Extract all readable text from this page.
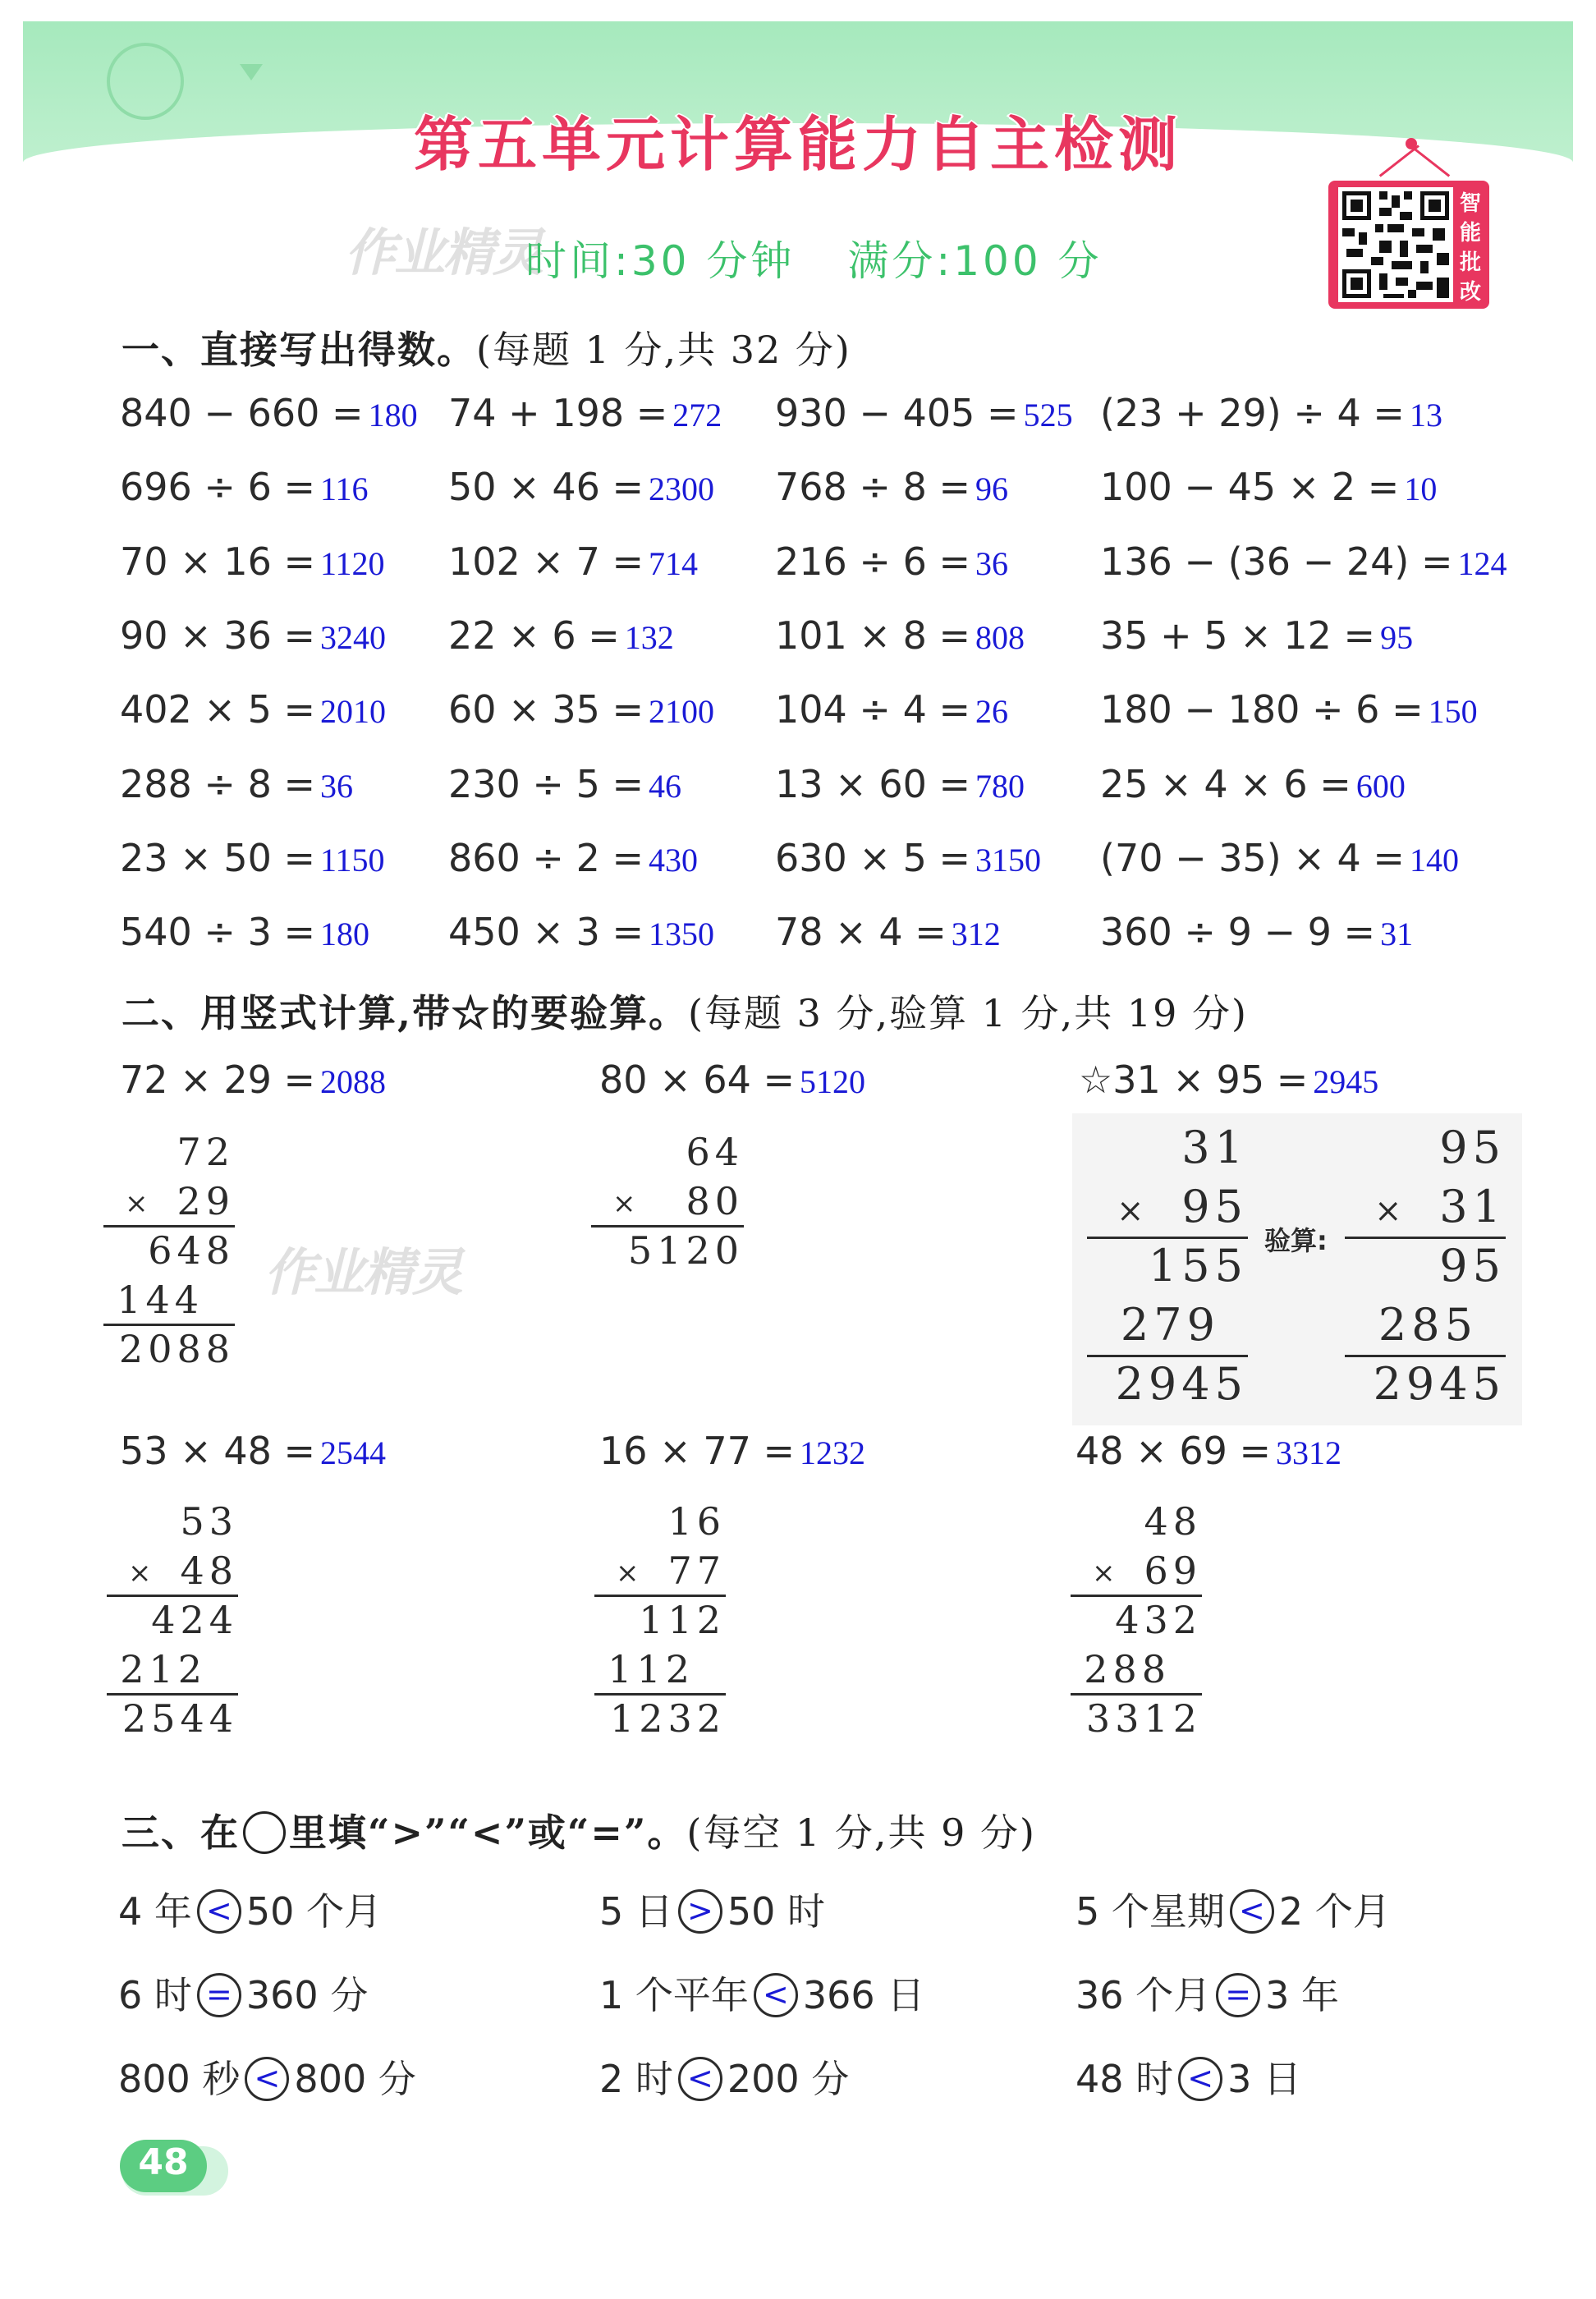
第五单元计算能力自主检测
智能批改
作业精灵
时间:30 分钟 满分:100 分
一、直接写出得数。(每题 1 分,共 32 分)
840 − 660 = 180 74 + 198 = 272 930 − 405 = 525 (23 + 29) ÷ 4 = 13
696 ÷ 6 = 116 50 × 46 = 2300 768 ÷ 8 = 96 100 − 45 × 2 = 10
70 × 16 = 1120 102 × 7 = 714 216 ÷ 6 = 36 136 − (36 − 24) = 124
90 × 36 = 3240 22 × 6 = 132	101 × 8 = 808 35 + 5 × 12 = 95
402 × 5 = 2010 60 × 35 = 2100 104 ÷ 4 = 26 180 − 180 ÷ 6 = 150
288 ÷ 8 = 36	230 ÷ 5 = 46 13 × 60 = 780 25 × 4 × 6 = 600
23 × 50 = 1150 860 ÷ 2 = 430 630 × 5 = 3150 (70 − 35) × 4 = 140
540 ÷ 3 = 180 450 × 3 = 1350 78 × 4 = 312	360 ÷ 9 − 9 = 31
二、用竖式计算,带☆的要验算。(每题 3 分,验算 1 分,共 19 分)
验算:
作业精灵
72 × 29 = 2088
72
29
×
648
144
2088
80 × 64 = 5120
64
80
×
5120
☆31 × 95 = 2945
31
95
×
155
279
2945
95
31
×
95
285
2945
53 × 48 = 2544
53
48
×
424
212
2544
16 × 77 = 1232
16
77
×
112
112
1232
48 × 69 = 3312
48
69
×
432
288
3312
三、在 里填“>”“<”或“=”。(每空 1 分,共 9 分)
4 年 < 50 个月	5 日 > 50 时	5 个星期 < 2 个月
6 时 = 360 分	1 个平年 < 366 日	36 个月 = 3 年
800 秒 < 800 分	2 时 < 200 分	48 时 < 3 日
48
